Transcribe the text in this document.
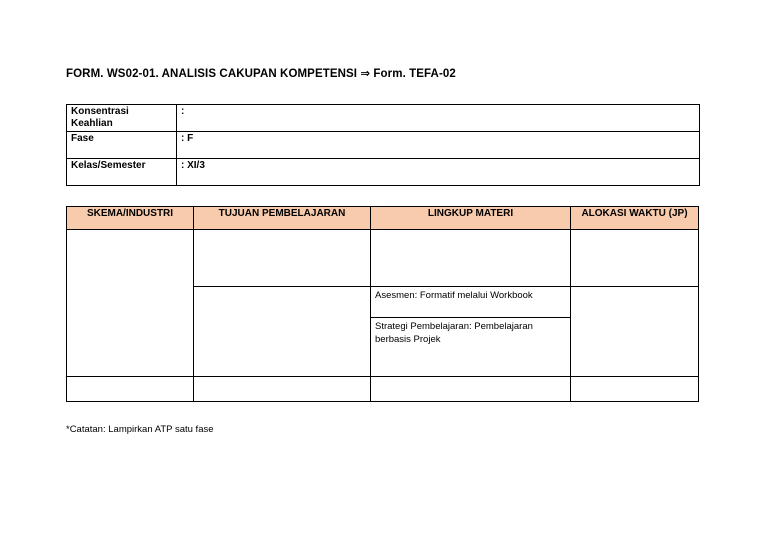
FORM. WS02-01. ANALISIS CAKUPAN KOMPETENSI ⇒ Form. TEFA-02
Konsentrasi Keahlian	:

Fase	: F

Kelas/Semester	: XI/3
SKEMA/INDUSTRI	TUJUAN PEMBELAJARAN	LINGKUP MATERI	ALOKASI WAKTU (JP)

		Asesmen: Formatif melalui Workbook	

		Strategi Pembelajaran: Pembelajaran berbasis Projek	

*Catatan: Lampirkan ATP satu fase
